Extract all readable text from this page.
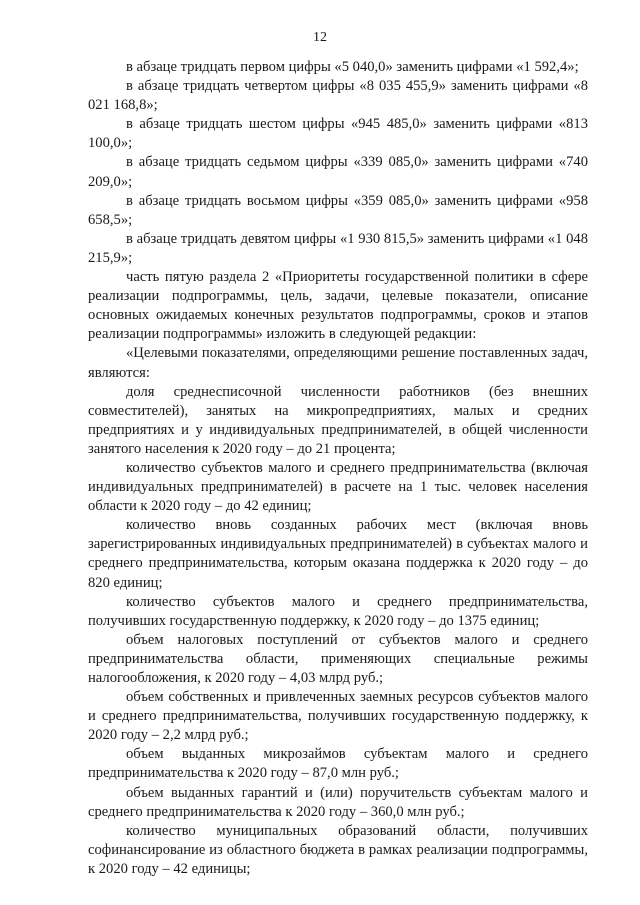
12

в абзаце тридцать первом цифры «5 040,0» заменить цифрами «1 592,4»;

в абзаце тридцать четвертом цифры «8 035 455,9» заменить цифрами «8 021 168,8»;

в абзаце тридцать шестом цифры «945 485,0» заменить цифрами «813 100,0»;

в абзаце тридцать седьмом цифры «339 085,0» заменить цифрами «740 209,0»;

в абзаце тридцать восьмом цифры «359 085,0» заменить цифрами «958 658,5»;

в абзаце тридцать девятом цифры «1 930 815,5» заменить цифрами «1 048 215,9»;

часть пятую раздела 2 «Приоритеты государственной политики в сфере реализации подпрограммы, цель, задачи, целевые показатели, описание основных ожидаемых конечных результатов подпрограммы, сроков и этапов реализации подпрограммы» изложить в следующей редакции:

«Целевыми показателями, определяющими решение поставленных задач, являются:

доля среднесписочной численности работников (без внешних совместителей), занятых на микропредприятиях, малых и средних предприятиях и у индивидуальных предпринимателей, в общей численности занятого населения к 2020 году – до 21 процента;

количество субъектов малого и среднего предпринимательства (включая индивидуальных предпринимателей) в расчете на 1 тыс. человек населения области к 2020 году – до 42 единиц;

количество вновь созданных рабочих мест (включая вновь зарегистрированных индивидуальных предпринимателей) в субъектах малого и среднего предпринимательства, которым оказана поддержка к 2020 году – до 820 единиц;

количество субъектов малого и среднего предпринимательства, получивших государственную поддержку, к 2020 году – до 1375 единиц;

объем налоговых поступлений от субъектов малого и среднего предпринимательства области, применяющих специальные режимы налогообложения, к 2020 году – 4,03 млрд руб.;

объем собственных и привлеченных заемных ресурсов субъектов малого и среднего предпринимательства, получивших государственную поддержку, к 2020 году – 2,2 млрд руб.;

объем выданных микрозаймов субъектам малого и среднего предпринимательства к 2020 году – 87,0 млн руб.;

объем выданных гарантий и (или) поручительств субъектам малого и среднего предпринимательства к 2020 году – 360,0 млн руб.;

количество муниципальных образований области, получивших софинансирование из областного бюджета в рамках реализации подпрограммы, к 2020 году – 42 единицы;
